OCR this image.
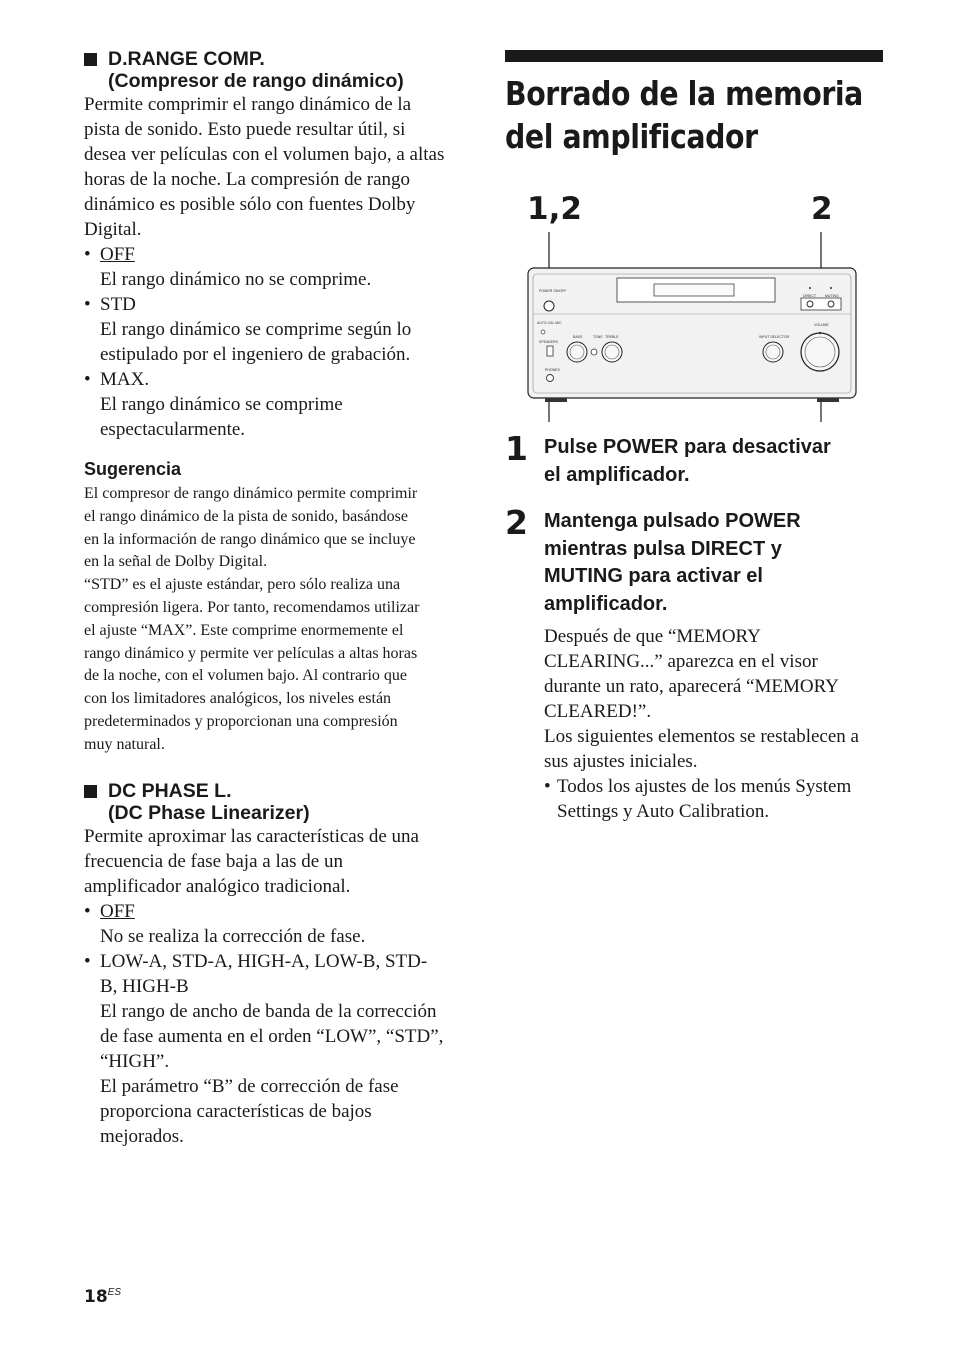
D.RANGE COMP.
(Compresor de rango dinámico)
Permite comprimir el rango dinámico de la
pista de sonido. Esto puede resultar útil, si
desea ver películas con el volumen bajo, a altas
horas de la noche. La compresión de rango
dinámico es posible sólo con fuentes Dolby
Digital.
• OFF
El rango dinámico no se comprime.
• STD
El rango dinámico se comprime según lo
estipulado por el ingeniero de grabación.
• MAX.
El rango dinámico se comprime
espectacularmente.
Sugerencia
El compresor de rango dinámico permite comprimir
el rango dinámico de la pista de sonido, basándose
en la información de rango dinámico que se incluye
en la señal de Dolby Digital.
“STD” es el ajuste estándar, pero sólo realiza una
compresión ligera. Por tanto, recomendamos utilizar
el ajuste “MAX”. Este comprime enormemente el
rango dinámico y permite ver películas a altas horas
de la noche, con el volumen bajo. Al contrario que
con los limitadores analógicos, los niveles están
predeterminados y proporcionan una compresión
muy natural.
DC PHASE L.
(DC Phase Linearizer)
Permite aproximar las características de una
frecuencia de fase baja a las de un
amplificador analógico tradicional.
• OFF
No se realiza la corrección de fase.
• LOW-A, STD-A, HIGH-A, LOW-B, STD-
B, HIGH-B
El rango de ancho de banda de la corrección
de fase aumenta en el orden “LOW”, “STD”,
“HIGH”.
El parámetro “B” de corrección de fase
proporciona características de bajos
mejorados.
Borrado de la memoria
del amplificador
1,2	2
POWER ON/OFF
DIRECT	MUTING
AUTO CAL MIC
SPEAKERS
PHONES
BASS	TONE TREBLE	INPUT SELECTOR
VOLUME
1 Pulse POWER para desactivar
el amplificador.
2 Mantenga pulsado POWER
mientras pulsa DIRECT y
MUTING para activar el
amplificador.
Después de que “MEMORY
CLEARING...” aparezca en el visor
durante un rato, aparecerá “MEMORY
CLEARED!”.
Los siguientes elementos se restablecen a
sus ajustes iniciales.
• Todos los ajustes de los menús System
Settings y Auto Calibration.
$18^{ES}$
